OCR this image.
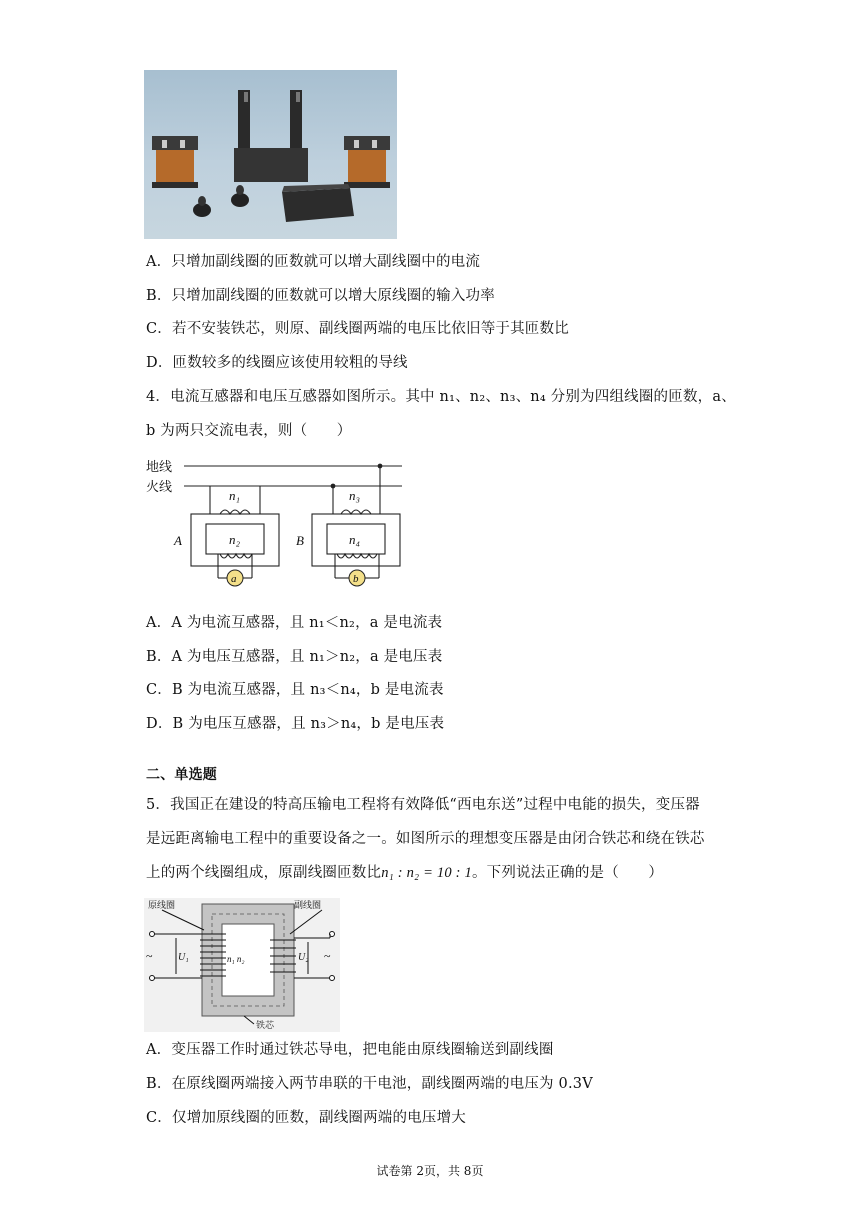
A．只增加副线圈的匝数就可以增大副线圈中的电流
B．只增加副线圈的匝数就可以增大原线圈的输入功率
C．若不安装铁芯，则原、副线圈两端的电压比依旧等于其匝数比
D．匝数较多的线圈应该使用较粗的导线
4．电流互感器和电压互感器如图所示。其中 n₁、n₂、n₃、n₄ 分别为四组线圈的匝数，a、
b 为两只交流电表，则（　　）
地线
火线
n₁
n₂
n₃
n₄
A	B
a	b
A．A 为电流互感器，且 n₁＜n₂，a 是电流表
B．A 为电压互感器，且 n₁＞n₂，a 是电压表
C．B 为电流互感器，且 n₃＜n₄，b 是电流表
D．B 为电压互感器，且 n₃＞n₄，b 是电压表
二、单选题
5．我国正在建设的特高压输电工程将有效降低“西电东送”过程中电能的损失，变压器
是远距离输电工程中的重要设备之一。如图所示的理想变压器是由闭合铁芯和绕在铁芯
上的两个线圈组成，原副线圈匝数比n₁ : n₂ = 10 : 1。下列说法正确的是（　　）
原线圈	副线圈
铁芯
U₁	U₂
n₁ n₂
~	~
A．变压器工作时通过铁芯导电，把电能由原线圈输送到副线圈
B．在原线圈两端接入两节串联的干电池，副线圈两端的电压为 0.3V
C．仅增加原线圈的匝数，副线圈两端的电压增大
试卷第 2页，共 8页
